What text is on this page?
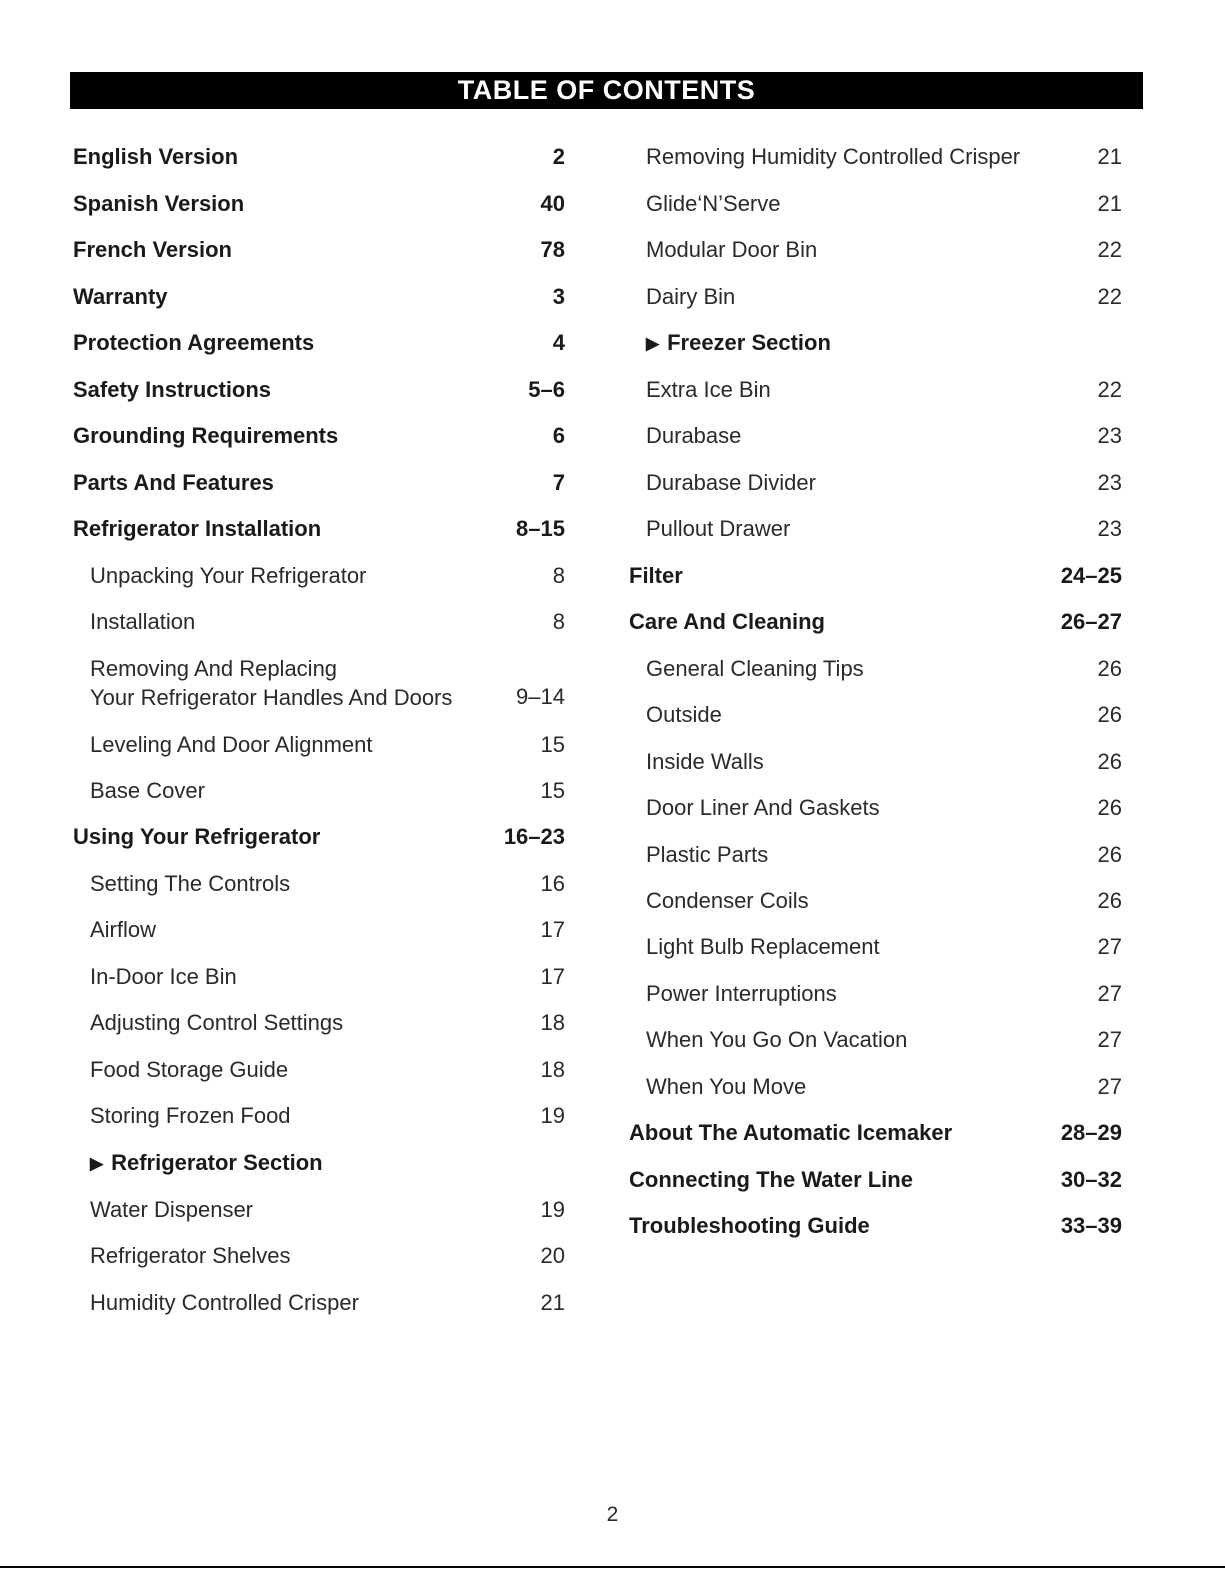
TABLE OF CONTENTS
English Version	2
Spanish Version	40
French Version	78
Warranty	3
Protection Agreements	4
Safety Instructions	5–6
Grounding Requirements	6
Parts And Features	7
Refrigerator Installation	8–15
Unpacking Your Refrigerator	8
Installation	8
Removing And Replacing
Your Refrigerator Handles And Doors	9–14
Leveling And Door Alignment	15
Base Cover	15
Using Your Refrigerator	16–23
Setting The Controls	16
Airflow	17
In-Door Ice Bin	17
Adjusting Control Settings	18
Food Storage Guide	18
Storing Frozen Food	19
▶ Refrigerator Section
Water Dispenser	19
Refrigerator Shelves	20
Humidity Controlled Crisper	21
Removing Humidity Controlled Crisper	21
Glide‘N’Serve	21
Modular Door Bin	22
Dairy Bin	22
▶ Freezer Section
Extra Ice Bin	22
Durabase	23
Durabase Divider	23
Pullout Drawer	23
Filter	24–25
Care And Cleaning	26–27
General Cleaning Tips	26
Outside	26
Inside Walls	26
Door Liner And Gaskets	26
Plastic Parts	26
Condenser Coils	26
Light Bulb Replacement	27
Power Interruptions	27
When You Go On Vacation	27
When You Move	27
About The Automatic Icemaker	28–29
Connecting The Water Line	30–32
Troubleshooting Guide	33–39
2
